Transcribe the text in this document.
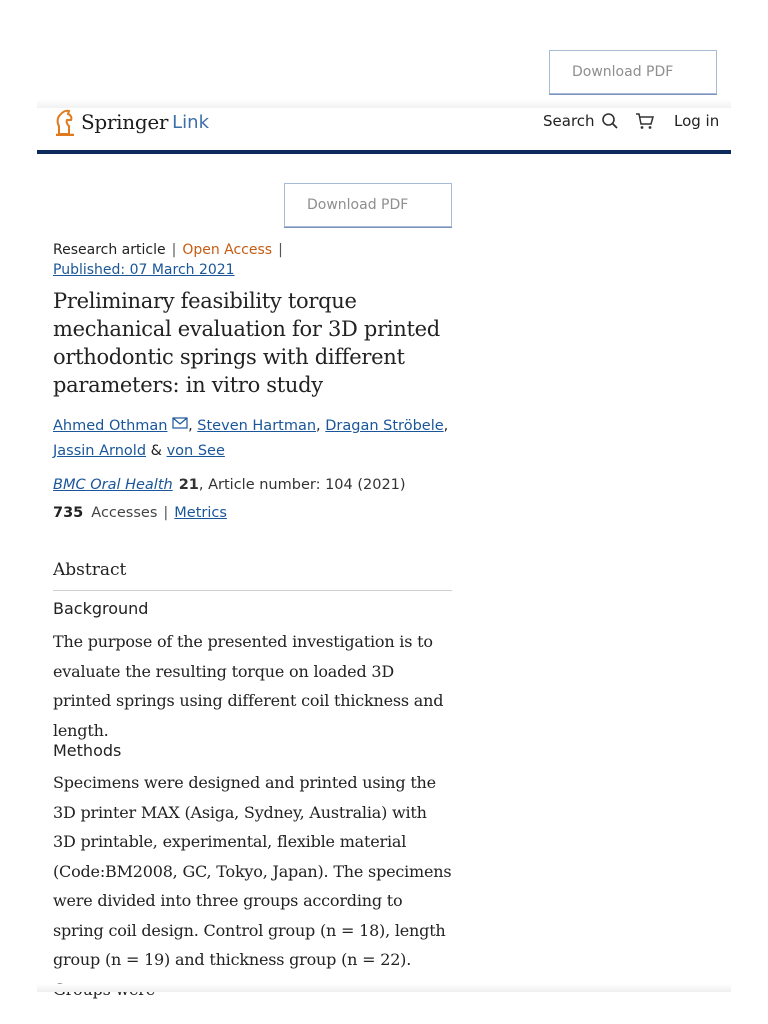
Download PDF
Springer Link	Search	Log in
Download PDF
Research article | Open Access |
Published: 07 March 2021
Preliminary feasibility torque mechanical evaluation for 3D printed orthodontic springs with different parameters: in vitro study
Ahmed Othman , Steven Hartman, Dragan Ströbele,
Jassin Arnold & von See
BMC Oral Health 21, Article number: 104 (2021)
735 Accesses | Metrics
Abstract
Background
The purpose of the presented investigation is to evaluate the resulting torque on loaded 3D printed springs using different coil thickness and length.
Methods
Specimens were designed and printed using the 3D printer MAX (Asiga, Sydney, Australia) with 3D printable, experimental, flexible material (Code:BM2008, GC, Tokyo, Japan). The specimens were divided into three groups according to spring coil design. Control group (n = 18), length group (n = 19) and thickness group (n = 22).
